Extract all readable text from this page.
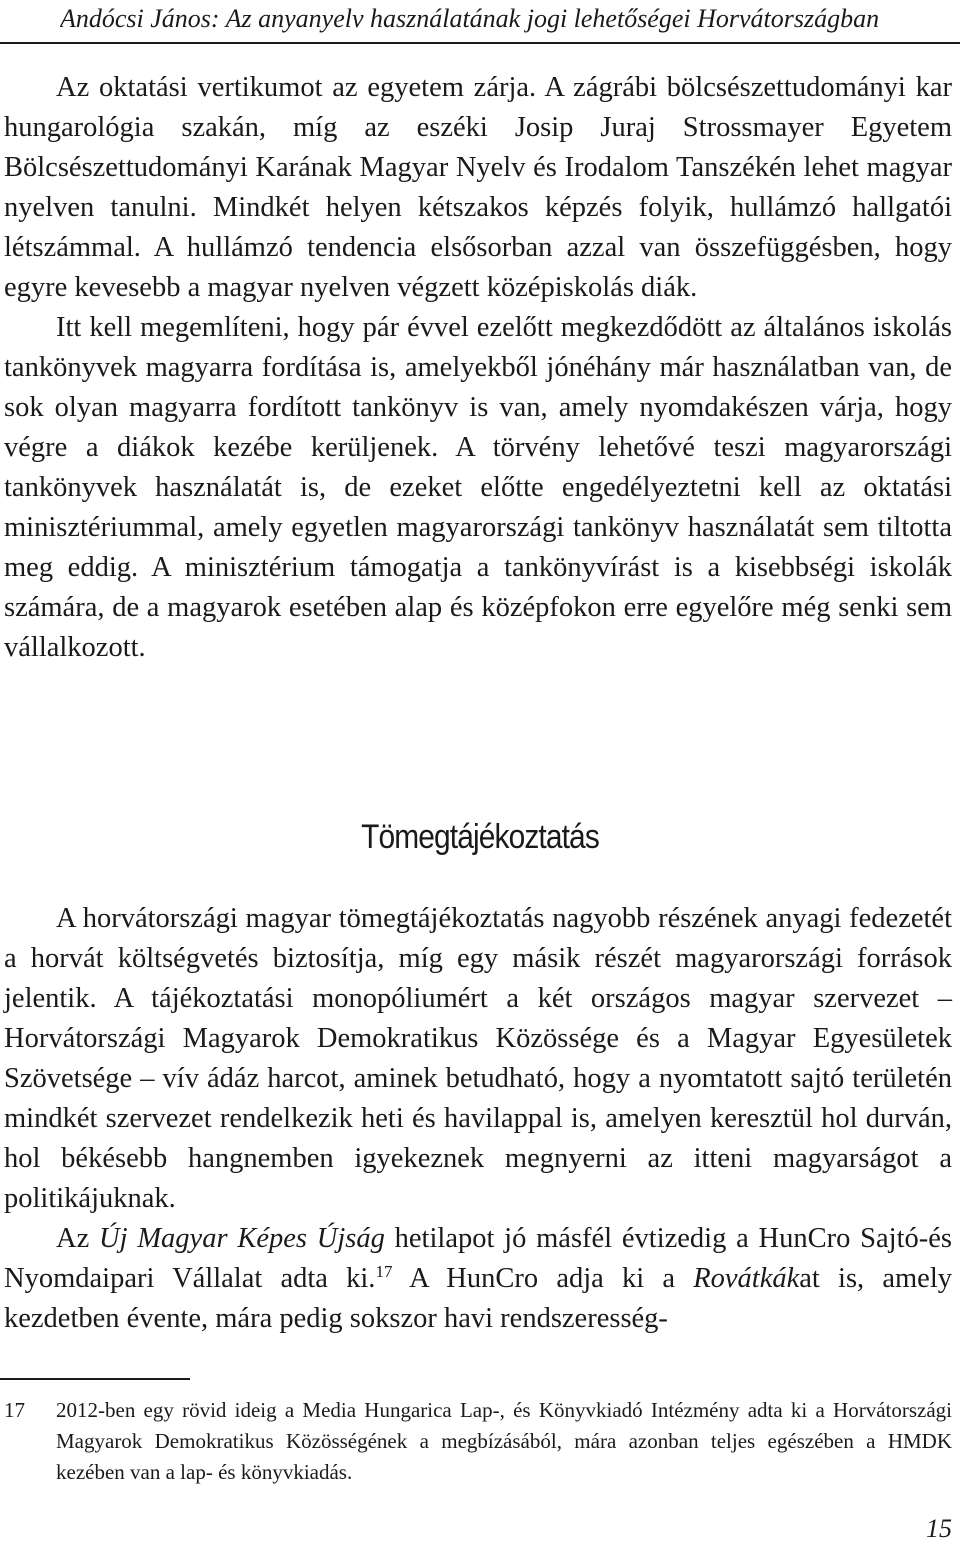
Andócsi János: Az anyanyelv használatának jogi lehetőségei Horvátországban

Az oktatási vertikumot az egyetem zárja. A zágrábi bölcsészettudományi kar hungarológia szakán, míg az eszéki Josip Juraj Strossmayer Egyetem Bölcsészettudományi Karának Magyar Nyelv és Irodalom Tanszékén lehet magyar nyelven tanulni. Mindkét helyen kétszakos képzés folyik, hullámzó hallgatói létszámmal. A hullámzó tendencia elsősorban azzal van összefüggésben, hogy egyre kevesebb a magyar nyelven végzett középiskolás diák.

Itt kell megemlíteni, hogy pár évvel ezelőtt megkezdődött az általános iskolás tankönyvek magyarra fordítása is, amelyekből jónéhány már használatban van, de sok olyan magyarra fordított tankönyv is van, amely nyomdakészen várja, hogy végre a diákok kezébe kerüljenek. A törvény lehetővé teszi magyarországi tankönyvek használatát is, de ezeket előtte engedélyeztetni kell az oktatási minisztériummal, amely egyetlen magyarországi tankönyv használatát sem tiltotta meg eddig. A minisztérium támogatja a tankönyvírást is a kisebbségi iskolák számára, de a magyarok esetében alap és középfokon erre egyelőre még senki sem vállalkozott.

Tömegtájékoztatás

A horvátországi magyar tömegtájékoztatás nagyobb részének anyagi fedezetét a horvát költségvetés biztosítja, míg egy másik részét magyarországi források jelentik. A tájékoztatási monopóliumért a két országos magyar szervezet – Horvátországi Magyarok Demokratikus Közössége és a Magyar Egyesületek Szövetsége – vív ádáz harcot, aminek betudható, hogy a nyomtatott sajtó területén mindkét szervezet rendelkezik heti és havilappal is, amelyen keresztül hol durván, hol békésebb hangnemben igyekeznek megnyerni az itteni magyarságot a politikájuknak.

Az Új Magyar Képes Újság hetilapot jó másfél évtizedig a HunCro Sajtó-és Nyomdaipari Vállalat adta ki.$^{17}$ A HunCro adja ki a Rovátkákat is, amely kezdetben évente, mára pedig sokszor havi rendszeresség-

17 2012-ben egy rövid ideig a Media Hungarica Lap-, és Könyvkiadó Intézmény adta ki a Horvátországi Magyarok Demokratikus Közösségének a megbízásából, mára azonban teljes egészében a HMDK kezében van a lap- és könyvkiadás.
15
